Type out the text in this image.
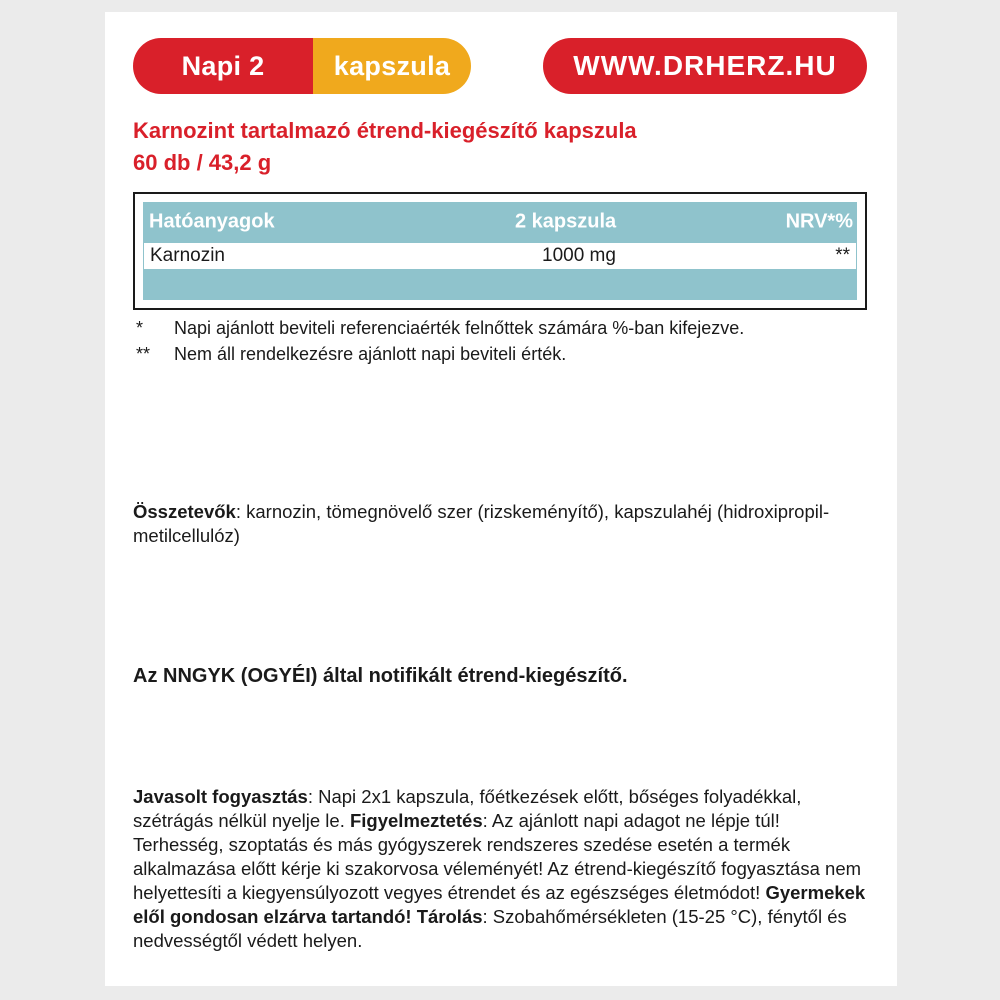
Napi 2	kapszula	WWW.DRHERZ.HU
Karnozint tartalmazó étrend-kiegészítő kapszula
60 db / 43,2 g
Hatóanyagok	2 kapszula	NRV*%
Karnozin	1000 mg	**
* Napi ajánlott beviteli referenciaérték felnőttek számára %-ban kifejezve.
** Nem áll rendelkezésre ajánlott napi beviteli érték.
Összetevők: karnozin, tömegnövelő szer (rizskeményítő), kapszulahéj (hidroxipropil-metilcellulóz)
Az NNGYK (OGYÉI) által notifikált étrend-kiegészítő.
Javasolt fogyasztás: Napi 2x1 kapszula, főétkezések előtt, bőséges folyadékkal, szétrágás nélkül nyelje le. Figyelmeztetés: Az ajánlott napi adagot ne lépje túl! Terhesség, szoptatás és más gyógyszerek rendszeres szedése esetén a termék alkalmazása előtt kérje ki szakorvosa véleményét! Az étrend-kiegészítő fogyasztása nem helyettesíti a kiegyensúlyozott vegyes étrendet és az egészséges életmódot! Gyermekek elől gondosan elzárva tartandó! Tárolás: Szobahőmérsékleten (15-25 °C), fénytől és nedvességtől védett helyen.
